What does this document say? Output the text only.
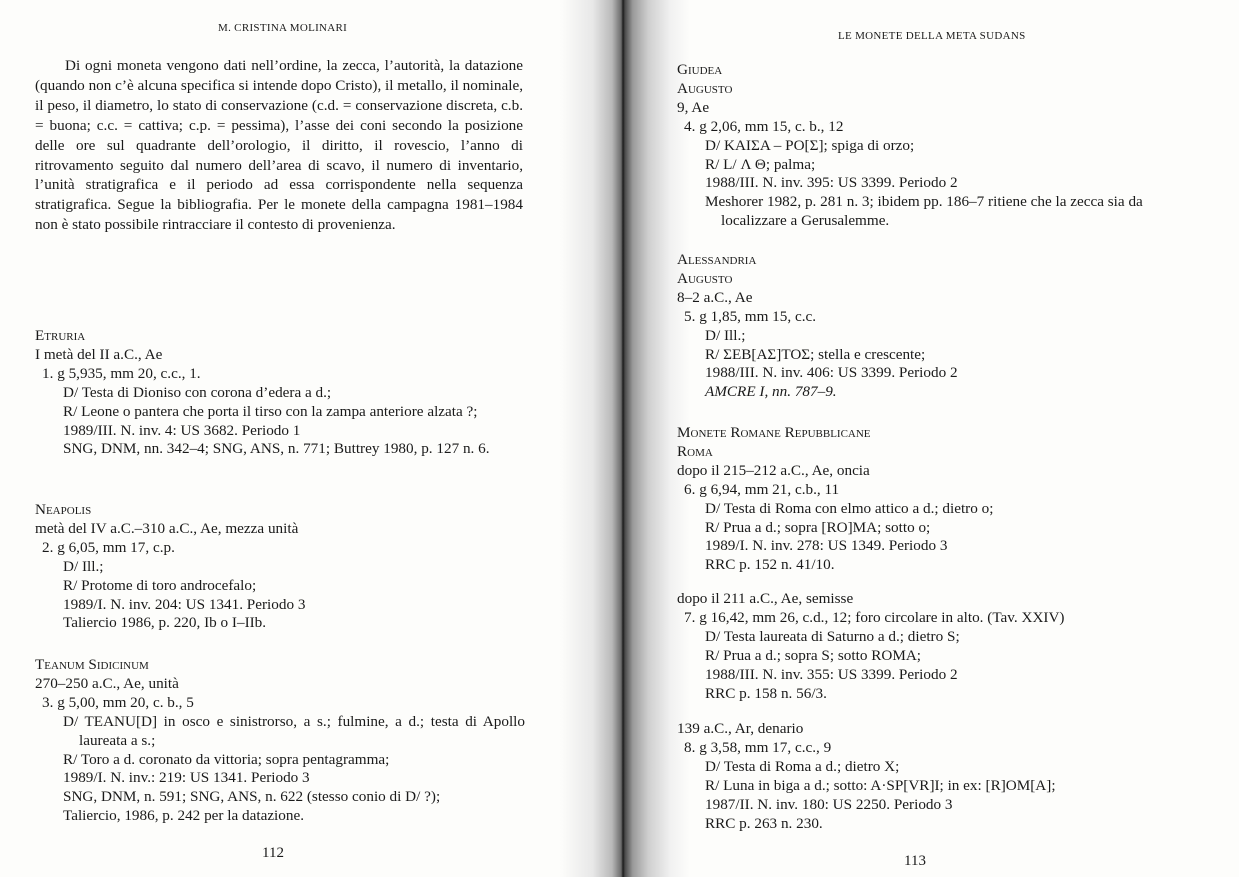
M. CRISTINA MOLINARI

Di ogni moneta vengono dati nell’ordine, la zecca, l’autorità, la datazione (quando non c’è alcuna specifica si intende dopo Cristo), il metallo, il nominale, il peso, il diametro, lo stato di conservazione (c.d. = conservazione discreta, c.b. = buona; c.c. = cattiva; c.p. = pessima), l’asse dei coni secondo la posizione delle ore sul quadrante dell’orologio, il diritto, il rovescio, l’anno di ritrovamento seguito dal numero dell’area di scavo, il numero di inventario, l’unità stratigrafica e il periodo ad essa corrispondente nella sequenza stratigrafica. Segue la bibliografia. Per le monete della campagna 1981–1984 non è stato possibile rintracciare il contesto di provenienza.

Etruria
I metà del II a.C., Ae
1. g 5,935, mm 20, c.c., 1.
D/ Testa di Dioniso con corona d’edera a d.;
R/ Leone o pantera che porta il tirso con la zampa anteriore alzata ?;
1989/III. N. inv. 4: US 3682. Periodo 1
SNG, DNM, nn. 342–4; SNG, ANS, n. 771; Buttrey 1980, p. 127 n. 6.
Neapolis
metà del IV a.C.–310 a.C., Ae, mezza unità
2. g 6,05, mm 17, c.p.
D/ Ill.;
R/ Protome di toro androcefalo;
1989/I. N. inv. 204: US 1341. Periodo 3
Taliercio 1986, p. 220, Ib o I–IIb.
Teanum Sidicinum
270–250 a.C., Ae, unità
3. g 5,00, mm 20, c. b., 5
D/ TEANU[D] in osco e sinistrorso, a s.; fulmine, a d.; testa di Apollo laureata a s.;
R/ Toro a d. coronato da vittoria; sopra pentagramma;
1989/I. N. inv.: 219: US 1341. Periodo 3
SNG, DNM, n. 591; SNG, ANS, n. 622 (stesso conio di D/ ?);
Taliercio, 1986, p. 242 per la datazione.
112
LE MONETE DELLA META SUDANS
Giudea
Augusto
9, Ae
4. g 2,06, mm 15, c. b., 12
D/ ΚΑΙΣΑ – ΡΟ[Σ]; spiga di orzo;
R/ L/ Λ Θ; palma;
1988/III. N. inv. 395: US 3399. Periodo 2
Meshorer 1982, p. 281 n. 3; ibidem pp. 186–7 ritiene che la zecca sia da localizzare a Gerusalemme.
Alessandria
Augusto
8–2 a.C., Ae
5. g 1,85, mm 15, c.c.
D/ Ill.;
R/ ΣΕΒ[ΑΣ]ΤΟΣ; stella e crescente;
1988/III. N. inv. 406: US 3399. Periodo 2
AMCRE I, nn. 787–9.
Monete Romane Repubblicane
Roma
dopo il 215–212 a.C., Ae, oncia
6. g 6,94, mm 21, c.b., 11
D/ Testa di Roma con elmo attico a d.; dietro o;
R/ Prua a d.; sopra [RO]MA; sotto o;
1989/I. N. inv. 278: US 1349. Periodo 3
RRC p. 152 n. 41/10.
dopo il 211 a.C., Ae, semisse
7. g 16,42, mm 26, c.d., 12; foro circolare in alto. (Tav. XXIV)
D/ Testa laureata di Saturno a d.; dietro S;
R/ Prua a d.; sopra S; sotto ROMA;
1988/III. N. inv. 355: US 3399. Periodo 2
RRC p. 158 n. 56/3.
139 a.C., Ar, denario
8. g 3,58, mm 17, c.c., 9
D/ Testa di Roma a d.; dietro X;
R/ Luna in biga a d.; sotto: A·SP[VR]I; in ex: [R]OM[A];
1987/II. N. inv. 180: US 2250. Periodo 3
RRC p. 263 n. 230.
113
